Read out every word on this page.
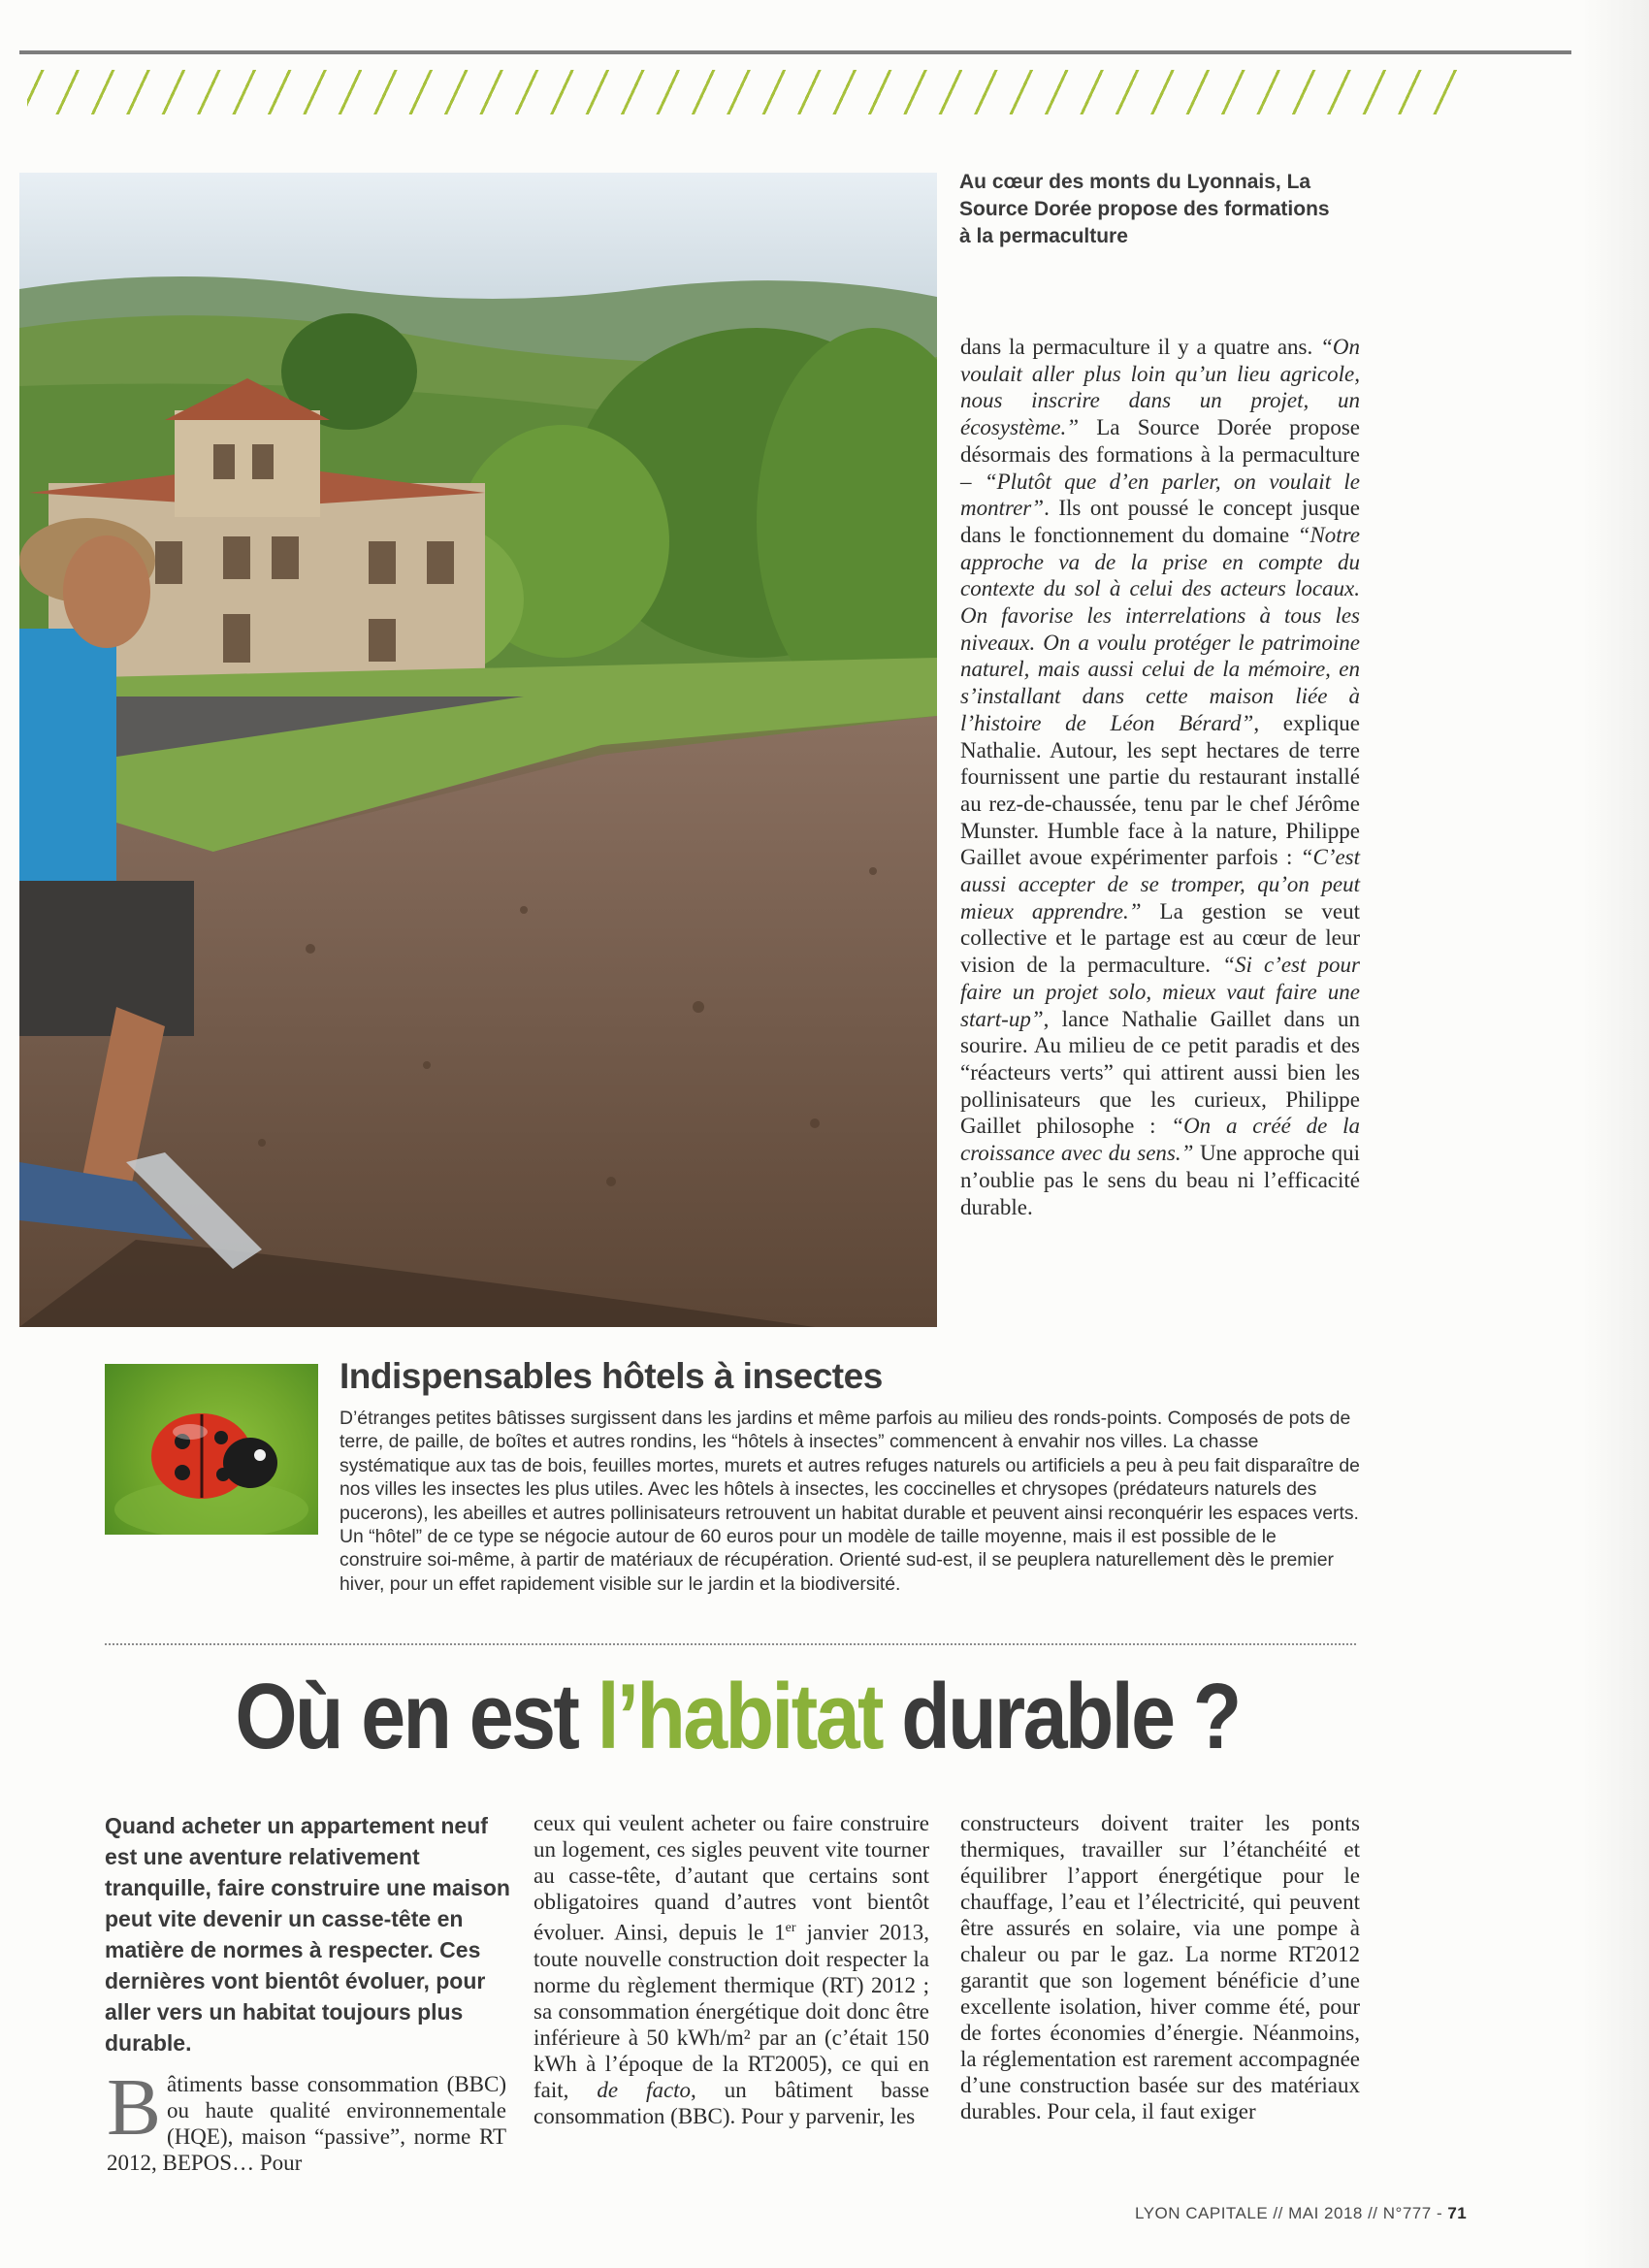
Au cœur des monts du Lyonnais, La
Source Dorée propose des formations
à la permaculture

dans la permaculture il y a quatre ans. “On voulait aller plus loin qu’un lieu agricole, nous inscrire dans un projet, un écosystème.” La Source Dorée propose désormais des formations à la permaculture – “Plutôt que d’en parler, on voulait le montrer”. Ils ont poussé le concept jusque dans le fonctionnement du domaine “Notre approche va de la prise en compte du contexte du sol à celui des acteurs locaux. On favorise les interrelations à tous les niveaux. On a voulu protéger le patrimoine naturel, mais aussi celui de la mémoire, en s’installant dans cette maison liée à l’histoire de Léon Bérard”, explique Nathalie. Autour, les sept hectares de terre fournissent une partie du restaurant installé au rez-de-chaussée, tenu par le chef Jérôme Munster. Humble face à la nature, Philippe Gaillet avoue expérimenter parfois : “C’est aussi accepter de se tromper, qu’on peut mieux apprendre.” La gestion se veut collective et le partage est au cœur de leur vision de la permaculture. “Si c’est pour faire un projet solo, mieux vaut faire une start-up”, lance Nathalie Gaillet dans un sourire. Au milieu de ce petit paradis et des “réacteurs verts” qui attirent aussi bien les pollinisateurs que les curieux, Philippe Gaillet philosophe : “On a créé de la croissance avec du sens.” Une approche qui n’oublie pas le sens du beau ni l’efficacité durable.

Indispensables hôtels à insectes
D’étranges petites bâtisses surgissent dans les jardins et même parfois au milieu des ronds-points. Composés de pots de terre, de paille, de boîtes et autres rondins, les “hôtels à insectes” commencent à envahir nos villes. La chasse systématique aux tas de bois, feuilles mortes, murets et autres refuges naturels ou artificiels a peu à peu fait disparaître de nos villes les insectes les plus utiles. Avec les hôtels à insectes, les coccinelles et chrysopes (prédateurs naturels des pucerons), les abeilles et autres pollinisateurs retrouvent un habitat durable et peuvent ainsi reconquérir les espaces verts. Un “hôtel” de ce type se négocie autour de 60 euros pour un modèle de taille moyenne, mais il est possible de le construire soi-même, à partir de matériaux de récupération. Orienté sud-est, il se peuplera naturellement dès le premier hiver, pour un effet rapidement visible sur le jardin et la biodiversité.
Où en est l’habitat durable ?
Quand acheter un appartement neuf est une aventure relativement tranquille, faire construire une maison peut vite devenir un casse-tête en matière de normes à respecter. Ces dernières vont bientôt évoluer, pour aller vers un habitat toujours plus durable.

Bâtiments basse consommation (BBC) ou haute qualité environnementale (HQE), maison “passive”, norme RT 2012, BEPOS… Pour

ceux qui veulent acheter ou faire construire un logement, ces sigles peuvent vite tourner au casse-tête, d’autant que certains sont obligatoires quand d’autres vont bientôt évoluer. Ainsi, depuis le 1er janvier 2013, toute nouvelle construction doit respecter la norme du règlement thermique (RT) 2012 ; sa consommation énergétique doit donc être inférieure à 50 kWh/m² par an (c’était 150 kWh à l’époque de la RT2005), ce qui en fait, de facto, un bâtiment basse consommation (BBC). Pour y parvenir, les

constructeurs doivent traiter les ponts thermiques, travailler sur l’étanchéité et équilibrer l’apport énergétique pour le chauffage, l’eau et l’électricité, qui peuvent être assurés en solaire, via une pompe à chaleur ou par le gaz. La norme RT2012 garantit que son logement bénéficie d’une excellente isolation, hiver comme été, pour de fortes économies d’énergie. Néanmoins, la réglementation est rarement accompagnée d’une construction basée sur des matériaux durables. Pour cela, il faut exiger

LYON CAPITALE // MAI 2018 // N°777 - 71
